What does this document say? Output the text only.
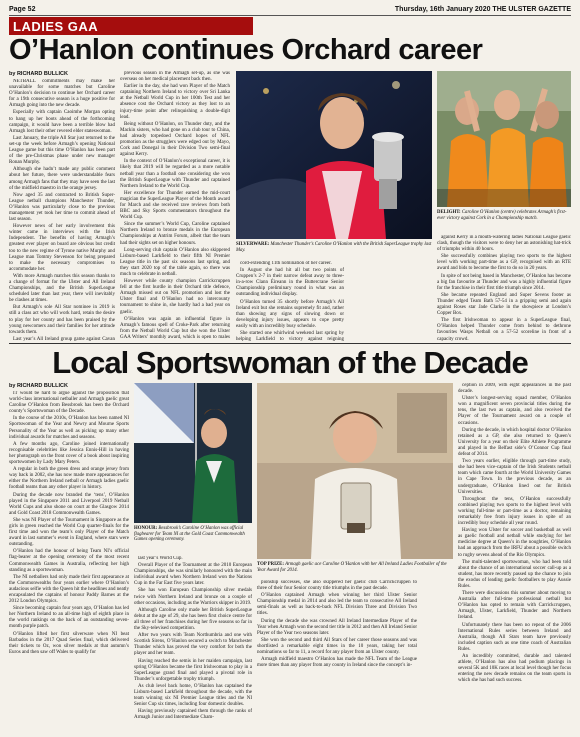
Page 52	Thursday, 16th January 2020 THE ULSTER GAZETTE
LADIES GAA
O’Hanlon continues Orchard career
by RICHARD BULLICK

NETBALL commitments may make her unavailable for some matches but Caroline O’Hanlon’s decision to continue her Orchard career for a 19th consecutive season is a huge positive for Armagh going into the new decade.

Especially with captain Caoimhe Morgan opting to hang up her boots ahead of the forthcoming campaign, it would have been a terrible blow had Armagh lost their other revered elder stateswoman.

Last January, the triple All Star just returned to the set-up the week before Armagh’s opening National League game but this time O’Hanlon has been part of the pre-Christmas phase under new manager Ronan Murphy.

Although she hadn’t made any public comment about her future, there were understandable fears among Armagh fans that they may have seen the last of the midfield maestro in the orange jersey.

Now aged 35 and contracted to British Super-League netball champions Manchester Thunder, O’Hanlon was particularly close to the previous management yet took her time to commit ahead of last season.

However news of her early involvement this winter came in interviews with the Irish Independent. The benefits of having Armagh’s greatest ever player on board are obvious but credit too to the new regime of Tyrone native Murphy and League man Tommy Stevenson for being prepared to make the necessary compromises to accommodate her.

With more Armagh matches this season thanks to a change of format for the Ulster and All Ireland Championships, and the British SuperLeague scheduled later than last year, there will inevitably be clashes at times.

But Armagh’s sole All Star nominee in 2019 is still a class act who will work hard, retain the desire to play for her county and has been praised by the young newcomers and their families for her attitude towards them.

Last year’s All Ireland group game against Cavan

previous season in the Armagh set-up, as she was overseas on her medical placement back then.

Earlier in the day, she had won Player of the Match captaining Northern Ireland to victory over Sri Lanka at the Netball World Cup in her 100th Test and her absence cost the Orchard victory as they lost to an injury-time point after relinquishing a double-digit lead.

Being without O’Hanlon, on Thunder duty, and the Mackin sisters, who had gone on a club tour to China, had already torpedoed Orchard hopes of NFL promotion as the strugglers were edged out by Mayo, Cork and Donegal in their Division Two semi-final against Kerry.

In the context of O’Hanlon’s exceptional career, it is likely that 2019 will be regarded as a more notable netball year than a football one considering she won the British SuperLeague with Thunder and captained Northern Ireland to the World Cup.

Her excellence for Thunder earned the mid-court magician the SuperLeague Player of the Month award for March and she received rave reviews from both BBC and Sky Sports commentators throughout the World Cup.

Since the summer’s World Cup, Caroline captained Northern Ireland to bronze medals in the European Championships at Antrim Forum, albeit that the team had their sights set on higher honours.

Long-serving club captain O’Hanlon also skippered Lisburn-based Larkfield to their fifth NI Premier League title in the past six seasons last spring, and they start 2020 top of the table again, so there was much to celebrate in netball.

However while county champion Carrickcruppen fell at the first hurdle in their Orchard title defence, Armagh missed out on NFL promotion and lost the Ulster final and O’Hanlon had no intercounty tournament to shine in, she hardly had a bad year on gaelic.

O’Hanlon was again an influential figure in Armagh’s famous spell of Croke-Park after returning from the Netball World Cup but she won the Ulster GAA Writers’ monthly award, which is open to males

SILVERWARE: Manchester Thunder’s Caroline O’Hanlon with the British SuperLeague trophy last May.

cord-extending 11th nomination of her career.

In August she had hit all but two points of Cruppen’s 2-7 in their narrow defeat away to three-in-a-row Clann Éireann in the Buttercrane Senior Championship preliminary round in what was an outstanding individual display.

O’Hanlon turned 35 shortly before Armagh’s All Ireland exit but she remains supremely fit and, rather than showing any signs of slowing down or developing injury issues, appears to cope pretty easily with an incredibly busy schedule.

She started one whirlwind weekend last spring by helping Larkfield to victory against reigning

DELIGHT: Caroline O’Hanlon (centre) celebrates Armagh’s first-ever victory against Cork in a Championship match.

against Kerry in a mouth-watering ladies National League gaelic clash, though the visitors were to deny her an astonishing hat-trick of triumphs within 40 hours.

She successfully combines playing two sports to the highest level with working part-time as a GP, recognised with an RTE award and bids to become the first to do so in 20 years.

In spite of not being based in Manchester, O’Hanlon has become a big fan favourite at Thunder and was a highly influential figure for the franchise in their first title triumph since 2014.

She became repeated England and Super Sevens footer as Thunder edged Team Bath 57-54 in a gripping semi and again against Roses star Jade Clarke in the showpiece at London’s Copper Box.

The first Irishwoman to appear in a SuperLeague final, O’Hanlon helped Thunder come from behind to dethrone favourites Wasps Netball on a 57-52 scoreline in front of a capacity crowd.

Local Sportswoman of the Decade
by RICHARD BULLICK

IT would be hard to argue against the proposition that world-class international netballer and Armagh gaelic great Caroline O’Hanlon from Bessbrook has been the Orchard county’s Sportswoman of the Decade.

In the course of the 2010s, O’Hanlon has been named NI Sportswoman of the Year and Newry and Mourne Sports Personality of the Year as well as picking up many other individual awards for matches and seasons.

A few months ago, Caroline joined internationally recognisable celebrities like Jessica Ennis-Hill in having her photograph on the front cover of a book about inspiring sportswomen by Lady Mary Peters.

A regular in both the green dress and orange jersey from way back in 2002, she has now made more appearances for either the Northern Ireland netball or Armagh ladies gaelic football teams than any other player in history.

During the decade now branded the ‘tens’, O’Hanlon played in the Singapore 2011 and Liverpool 2019 Netball World Cups and also shone on court at the Glasgow 2014 and Gold Coast 2018 Commonwealth Games.

She was NI Player of the Tournament in Singapore as the girls in green reached the World Cup quarter-finals for the first time and won the team’s only Player of the Match award in last summer’s event in England, where stars were outstanding.

O’Hanlon had the honour of being Team NI’s official flag-bearer at the opening ceremony of the most recent Commonwealth Games in Australia, reflecting her high standing as a sportswoman.

The NI netballers had only made their first appearance at the Commonwealths four years earlier where O’Hanlon’s audacious selfie with the Queen hit the headlines and neatly encapsulated the captains of honour Paddy Barnes at the 2012 London Olympics.

Since becoming captain four years ago, O’Hanlon has led her Northern Ireland to an all-time high of eighth place in the world rankings on the back of an outstanding seven-month purple patch.

O’Hanlon lifted her first silverware when NI beat Barbados in the 2017 Quad Series final, which delivered their tickets to Oz, won silver medals at that autumn’s Euros and then saw off Wales to qualify for

HONOUR: Bessbrook’s Caroline O’Hanlon was official flagbearer for Team NI at the Gold Coast Commonwealth Games opening ceremony.

last year’s World Cup.

Overall Player of the Tournament at the 2010 European Championships, she was similarly honoured with the main individual award when Northern Ireland won the Nations Cup in the Far East five years later.

She has won European Championship silver medals twice with Northern Ireland and bronze on a couple of other occasions, including as the Warriors skipper in 2019.

Although Caroline only made her British SuperLeague debut at the age of 29, she has been first choice centre for all three of her franchises during her five seasons so far in the Sky-televised competition.

After two years with Team Northumbria and one with Scottish Sirens, O’Hanlon secured a switch to Manchester Thunder which has proved the very comfort for both the player and her team.

Having reached the semis in her maiden campaign, last spring O’Hanlon became the first Irishwoman to play in a SuperLeague grand final and played a pivotal role in Thunder’s unforgettable trophy triumph.

As club level back home, O’Hanlon has captained the Lisburn-based Larkfield throughout the decade, with the team winning six NI Premier League titles and the NI Senior Cup six times, including four domestic doubles.

Having previously captained them through the ranks of Armagh Junior and Intermediate Cham-

TOP PRIZE: Armagh gaelic ace Caroline O’Hanlon with her All Ireland Ladies Footballer of the Year Award for 2014.

pionship successes, she also skippered her gaelic club Carrickcruppen to three of their four Senior county title triumphs in the past decade.

O’Hanlon captained Armagh when winning her third Ulster Senior Championship medal in 2014 and also led the team to consecutive All Ireland semi-finals as well as back-to-back NFL Division Three and Division Two titles.

During the decade she was crowned All Ireland Intermediate Player of the Year when Armagh won the second tier title in 2012 and then All Ireland Senior Player of the Year two seasons later.

She won the second and third All Stars of her career those seasons and was shortlisted a remarkable eight times in the 10 years, taking her total nominations so far to 11, a record for any player from an Ulster county.

Armagh midfield maestro O’Hanlon has made the NFL Team of the League more times than any player from any county in Ireland since the concept’s in-

ception in 2009, with eight appearances in the past decade.

Ulster’s longest-serving squad member, O’Hanlon won a magnificent seven provincial titles during the tens, the last two as captain, and also received the Player of the Tournament award on a couple of occasions.

During the decade, in which hospital doctor O’Hanlon retained as a GP, she also returned to Queen’s University for a year on their Elite Athlete Programme and played in the Belfast side’s O’Connor Cup final defeat of 2014.

Two years earlier, eligible through part-time study, she had been vice-captain of the Irish Students netball team which came fourth at the World University Games in Cape Town. In the previous decade, as an undergraduate, O’Hanlon lined out for British Universities.

Throughout the tens, O’Hanlon successfully combined playing two sports to the highest level with working full-time or part-time as a doctor, remaining remarkably free from injury issues in spite of an incredibly busy schedule all year round.

Having won Ulster for soccer and basketball as well as gaelic football and netball while studying for her medicine degree at Queen’s in the noughties, O’Hanlon had an approach from the IRFU about a possible switch to rugby sevens ahead of the Rio Olympics.

The multi-talented sportswoman, who had been told about the chance of an international soccer call-up as a student, has more recently passed up the chance to join the exodus of leading gaelic footballers to play Aussie Rules.

There were discussions this summer about moving to Australia after full-time professional netball but O’Hanlon has opted to remain with Carrickcruppen, Armagh, Ulster, Larkfield, Thunder and Northern Ireland.

Unfortunately there has been no repeat of the 2006 International Rules series between Ireland and Australia, though All Stars team have previously included caption such as one time coach of Australian Rules.

An incredibly committed, durable and talented athlete, O’Hanlon has also had podium placings in several 5K and 10K races at local level though her focus entering the new decade remains on the team sports in which she has had such success.
